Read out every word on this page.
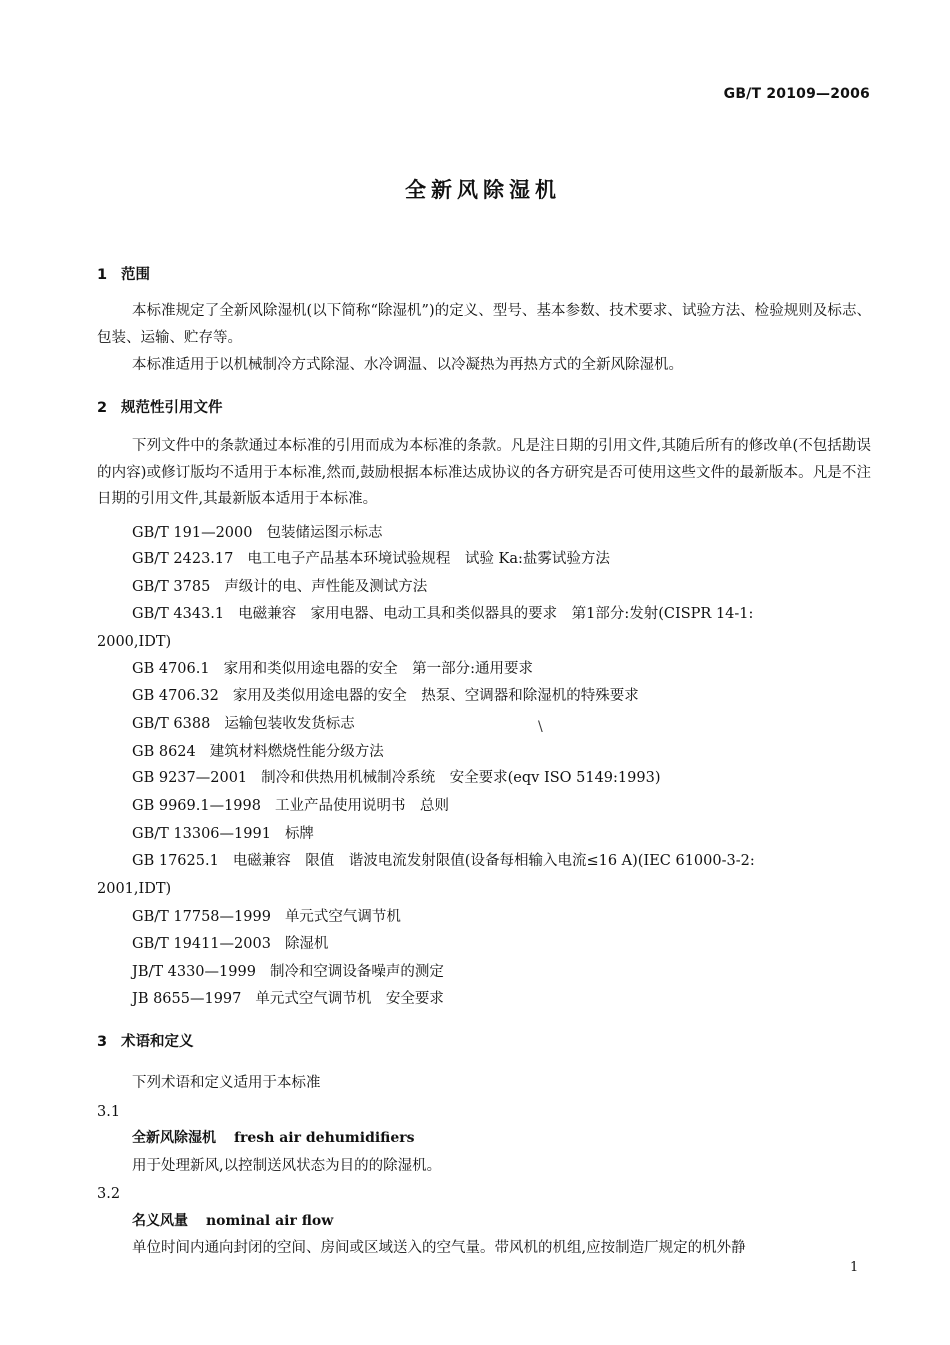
GB/T 20109—2006
全新风除湿机
1 范围
本标准规定了全新风除湿机(以下简称“除湿机”)的定义、型号、基本参数、技术要求、试验方法、检验规则及标志、包装、运输、贮存等。
本标准适用于以机械制冷方式除湿、水冷调温、以冷凝热为再热方式的全新风除湿机。
2 规范性引用文件
下列文件中的条款通过本标准的引用而成为本标准的条款。凡是注日期的引用文件,其随后所有的修改单(不包括勘误的内容)或修订版均不适用于本标准,然而,鼓励根据本标准达成协议的各方研究是否可使用这些文件的最新版本。凡是不注日期的引用文件,其最新版本适用于本标准。
GB/T 191—2000 包装储运图示标志
GB/T 2423.17 电工电子产品基本环境试验规程　试验 Ka:盐雾试验方法
GB/T 3785 声级计的电、声性能及测试方法
GB/T 4343.1 电磁兼容　家用电器、电动工具和类似器具的要求　第1部分:发射(CISPR 14-1:
2000,IDT)
GB 4706.1 家用和类似用途电器的安全　第一部分:通用要求
GB 4706.32 家用及类似用途电器的安全　热泵、空调器和除湿机的特殊要求
GB/T 6388 运输包装收发货标志	\
GB 8624 建筑材料燃烧性能分级方法
GB 9237—2001 制冷和供热用机械制冷系统　安全要求(eqv ISO 5149:1993)
GB 9969.1—1998 工业产品使用说明书　总则
GB/T 13306—1991 标牌
GB 17625.1 电磁兼容　限值　谐波电流发射限值(设备每相输入电流≤16 A)(IEC 61000-3-2:
2001,IDT)
GB/T 17758—1999 单元式空气调节机
GB/T 19411—2003 除湿机
JB/T 4330—1999 制冷和空调设备噪声的测定
JB 8655—1997 单元式空气调节机　安全要求
3 术语和定义
下列术语和定义适用于本标准
3.1
全新风除湿机 fresh air dehumidifiers
用于处理新风,以控制送风状态为目的的除湿机。
3.2
名义风量 nominal air flow
单位时间内通向封闭的空间、房间或区域送入的空气量。带风机的机组,应按制造厂规定的机外静
1
